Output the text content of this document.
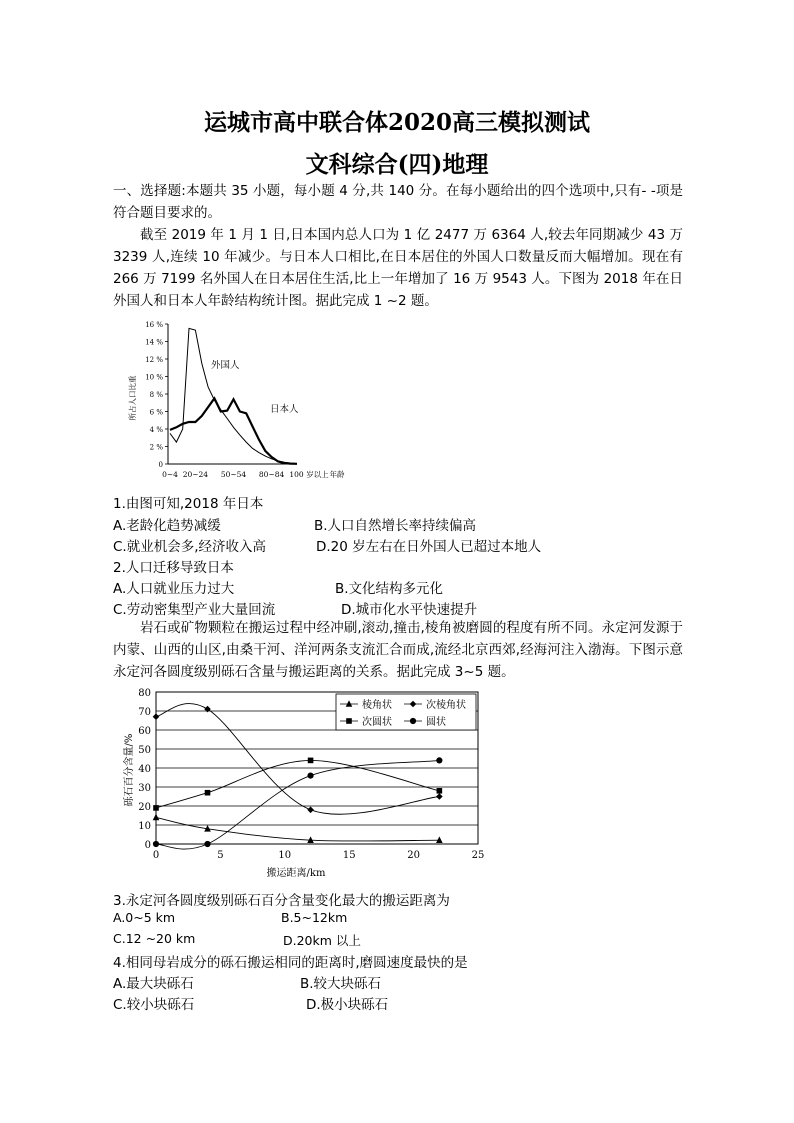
运城市高中联合体2020高三模拟测试
文科综合(四)地理
一、选择题:本题共 35 小题，每小题 4 分,共 140 分。在每小题给出的四个选项中,只有- -项是符合题目要求的。
截至 2019 年 1 月 1 日,日本国内总人口为 1 亿 2477 万 6364 人,较去年同期减少 43 万 3239 人,连续 10 年减少。与日本人口相比,在日本居住的外国人口数量反而大幅增加。现在有 266 万 7199 名外国人在日本居住生活,比上一年增加了 16 万 9543 人。下图为 2018 年在日外国人和日本人年龄结构统计图。据此完成 1 ~2 题。
0
2 %
4 %
6 %
8 %
10 %
12 %
14 %
16 %
0~4 20~24 50~54 80~84 100 岁以上 年龄
外国人
日本人
所占人口比重
1.由图可知,2018 年日本
A.老龄化趋势减缓	B.人口自然增长率持续偏高
C.就业机会多,经济收入高	D.20 岁左右在日外国人已超过本地人
2.人口迁移导致日本
A.人口就业压力过大	B.文化结构多元化
C.劳动密集型产业大量回流	D.城市化水平快速提升
岩石或矿物颗粒在搬运过程中经冲刷,滚动,撞击,棱角被磨圆的程度有所不同。永定河发源于内蒙、山西的山区,由桑干河、洋河两条支流汇合而成,流经北京西郊,经海河注入渤海。下图示意永定河各圆度级别砾石含量与搬运距离的关系。据此完成 3~5 题。
0
10
20
30
40
50
60
70
80
0	5	10	15	20	25
棱角状	次棱角状
次圆状	圆状
砾石百分含量/%
搬运距离/km
3.永定河各圆度级别砾石百分含量变化最大的搬运距离为
A.0~5 km	B.5~12km
C.12 ~20 km	D.20km 以上
4.相同母岩成分的砾石搬运相同的距离时,磨圆速度最快的是
A.最大块砾石	B.较大块砾石
C.较小块砾石	D.极小块砾石
